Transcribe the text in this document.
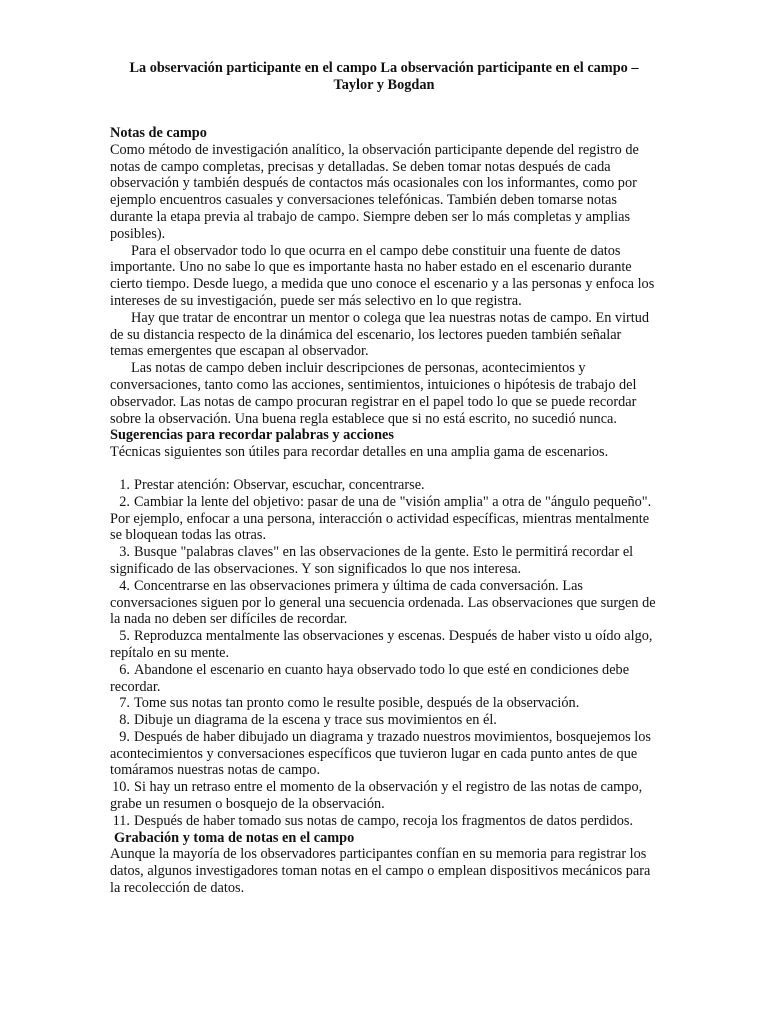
La observación participante en el campo La observación participante en el campo – Taylor y Bogdan
Notas de campo

Como método de investigación analítico, la observación participante depende del registro de notas de campo completas, precisas y detalladas. Se deben tomar notas después de cada observación y también después de contactos más ocasionales con los informantes, como por ejemplo encuentros casuales y conversaciones telefónicas. También deben tomarse notas durante la etapa previa al trabajo de campo. Siempre deben ser lo más completas y amplias posibles).

Para el observador todo lo que ocurra en el campo debe constituir una fuente de datos importante. Uno no sabe lo que es importante hasta no haber estado en el escenario durante cierto tiempo. Desde luego, a medida que uno conoce el escenario y a las personas y enfoca los intereses de su investigación, puede ser más selectivo en lo que registra.

Hay que tratar de encontrar un mentor o colega que lea nuestras notas de campo. En virtud de su distancia respecto de la dinámica del escenario, los lectores pueden también señalar temas emergentes que escapan al observador.

Las notas de campo deben incluir descripciones de personas, acontecimientos y conversaciones, tanto como las acciones, sentimientos, intuiciones o hipótesis de trabajo del observador. Las notas de campo procuran registrar en el papel todo lo que se puede recordar sobre la observación. Una buena regla establece que si no está escrito, no sucedió nunca.

Sugerencias para recordar palabras y acciones

Técnicas siguientes son útiles para recordar detalles en una amplia gama de escenarios.

1. Prestar atención: Observar, escuchar, concentrarse.
2. Cambiar la lente del objetivo: pasar de una de "visión amplia" a otra de "ángulo pequeño". Por ejemplo, enfocar a una persona, interacción o actividad específicas, mientras mentalmente se bloquean todas las otras.
3. Busque "palabras claves" en las observaciones de la gente. Esto le permitirá recordar el significado de las observaciones. Y son significados lo que nos interesa.
4. Concentrarse en las observaciones primera y última de cada conversación. Las conversaciones siguen por lo general una secuencia ordenada. Las observaciones que surgen de la nada no deben ser difíciles de recordar.
5. Reproduzca mentalmente las observaciones y escenas. Después de haber visto u oído algo, repítalo en su mente.
6. Abandone el escenario en cuanto haya observado todo lo que esté en condiciones debe recordar.
7. Tome sus notas tan pronto como le resulte posible, después de la observación.
8. Dibuje un diagrama de la escena y trace sus movimientos en él.
9. Después de haber dibujado un diagrama y trazado nuestros movimientos, bosquejemos los acontecimientos y conversaciones específicos que tuvieron lugar en cada punto antes de que tomáramos nuestras notas de campo.
10. Si hay un retraso entre el momento de la observación y el registro de las notas de campo, grabe un resumen o bosquejo de la observación.
11. Después de haber tomado sus notas de campo, recoja los fragmentos de datos perdidos.
Grabación y toma de notas en el campo

Aunque la mayoría de los observadores participantes confían en su memoria para registrar los datos, algunos investigadores toman notas en el campo o emplean dispositivos mecánicos para la recolección de datos.
